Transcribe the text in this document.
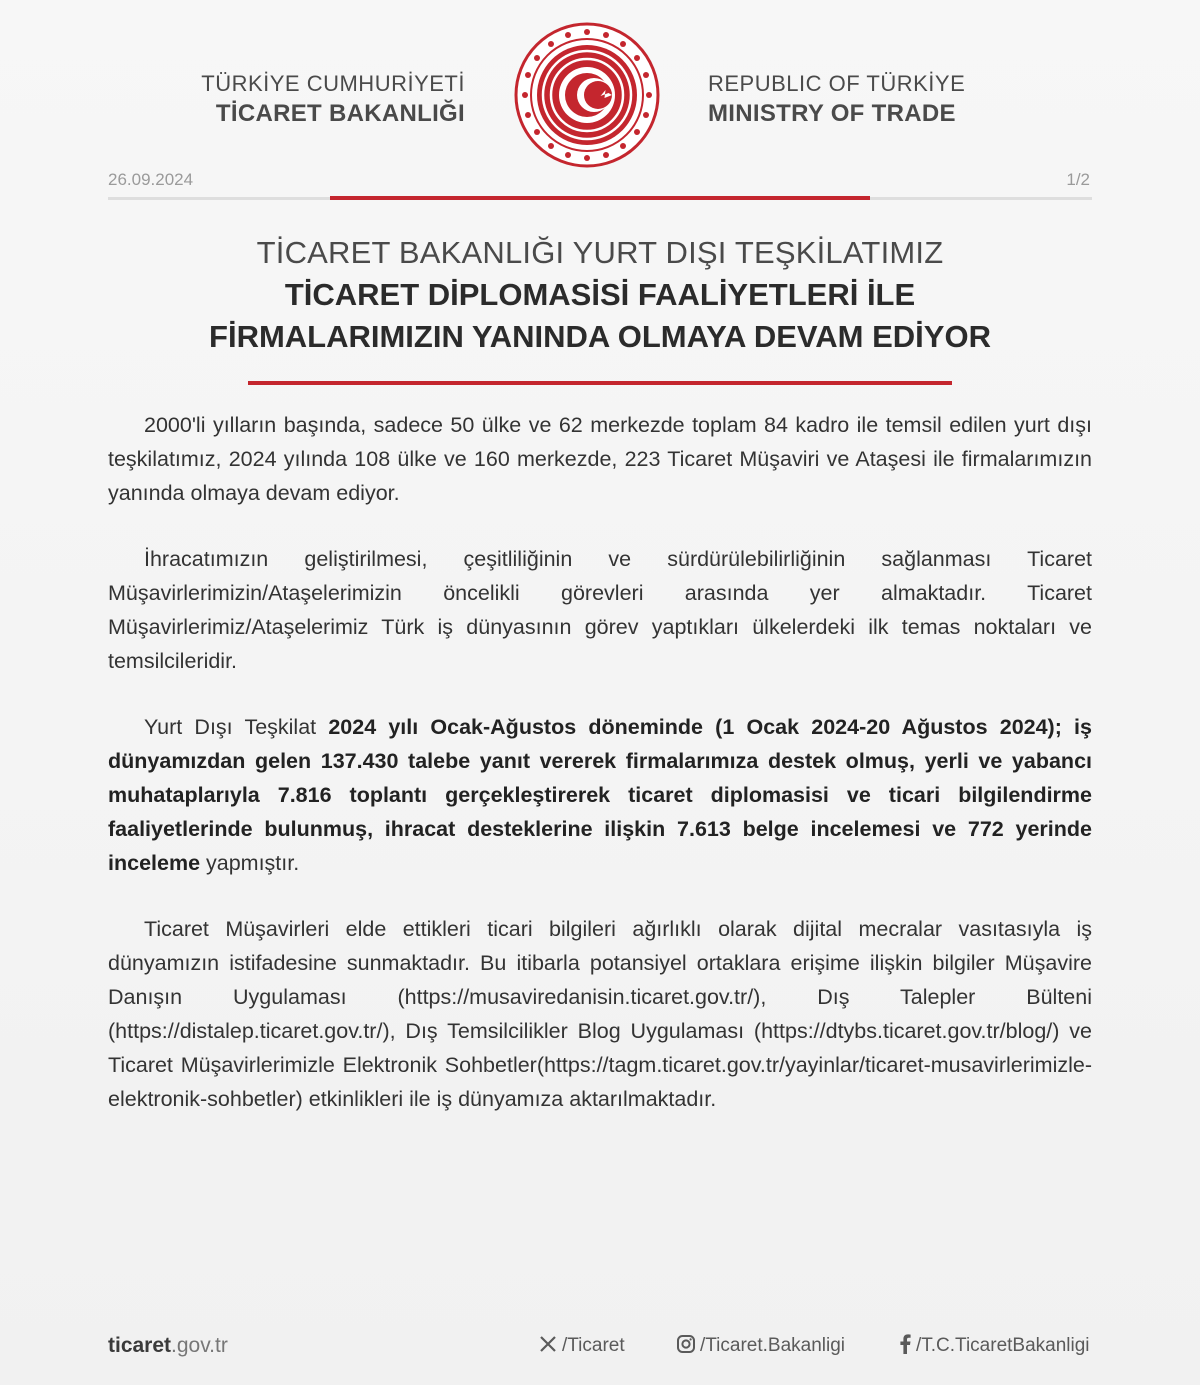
TÜRKİYE CUMHURİYETİ
TİCARET BAKANLIĞI
REPUBLIC OF TÜRKİYE
MINISTRY OF TRADE
26.09.2024	1/2
TİCARET BAKANLIĞI YURT DIŞI TEŞKİLATIMIZ
TİCARET DİPLOMASİSİ FAALİYETLERİ İLE
FİRMALARIMIZIN YANINDA OLMAYA DEVAM EDİYOR

2000'li yılların başında, sadece 50 ülke ve 62 merkezde toplam 84 kadro ile temsil edilen yurt dışı teşkilatımız, 2024 yılında 108 ülke ve 160 merkezde, 223 Ticaret Müşaviri ve Ataşesi ile firmalarımızın yanında olmaya devam ediyor.

İhracatımızın geliştirilmesi, çeşitliliğinin ve sürdürülebilirliğinin sağlanması Ticaret Müşavirlerimizin/Ataşelerimizin öncelikli görevleri arasında yer almaktadır. Ticaret Müşavirlerimiz/Ataşelerimiz Türk iş dünyasının görev yaptıkları ülkelerdeki ilk temas noktaları ve temsilcileridir.

Yurt Dışı Teşkilat 2024 yılı Ocak-Ağustos döneminde (1 Ocak 2024-20 Ağustos 2024); iş dünyamızdan gelen 137.430 talebe yanıt vererek firmalarımıza destek olmuş, yerli ve yabancı muhataplarıyla 7.816 toplantı gerçekleştirerek ticaret diplomasisi ve ticari bilgilendirme faaliyetlerinde bulunmuş, ihracat desteklerine ilişkin 7.613 belge incelemesi ve 772 yerinde inceleme yapmıştır.

Ticaret Müşavirleri elde ettikleri ticari bilgileri ağırlıklı olarak dijital mecralar vasıtasıyla iş dünyamızın istifadesine sunmaktadır. Bu itibarla potansiyel ortaklara erişime ilişkin bilgiler Müşavire Danışın Uygulaması (https://musaviredanisin.ticaret.gov.tr/), Dış Talepler Bülteni (https://distalep.ticaret.gov.tr/), Dış Temsilcilikler Blog Uygulaması (https://dtybs.ticaret.gov.tr/blog/) ve Ticaret Müşavirlerimizle Elektronik Sohbetler(https://tagm.ticaret.gov.tr/yayinlar/ticaret-musavirlerimizle-elektronik-sohbetler) etkinlikleri ile iş dünyamıza aktarılmaktadır.

ticaret.gov.tr	/Ticaret	/Ticaret.Bakanligi	/T.C.TicaretBakanligi
